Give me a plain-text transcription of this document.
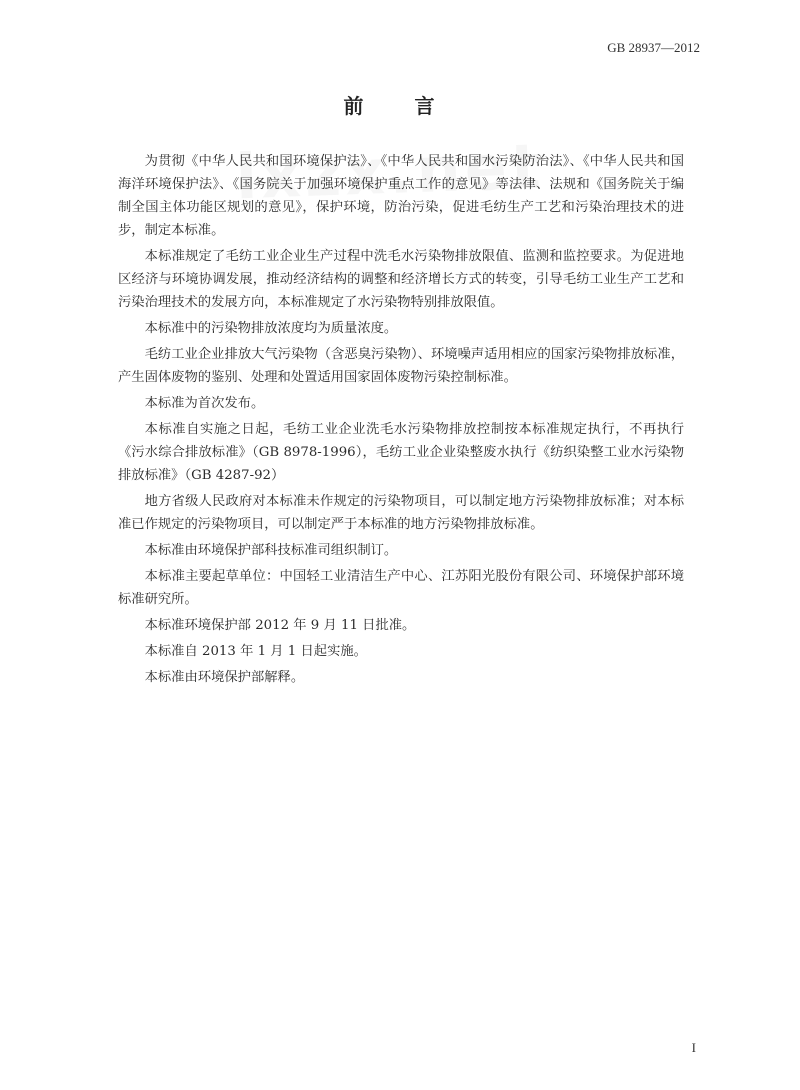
GB 28937—2012
前 言

为贯彻《中华人民共和国环境保护法》、《中华人民共和国水污染防治法》、《中华人民共和国海洋环境保护法》、《国务院关于加强环境保护重点工作的意见》等法律、法规和《国务院关于编制全国主体功能区规划的意见》，保护环境，防治污染，促进毛纺生产工艺和污染治理技术的进步，制定本标准。

本标准规定了毛纺工业企业生产过程中洗毛水污染物排放限值、监测和监控要求。为促进地区经济与环境协调发展，推动经济结构的调整和经济增长方式的转变，引导毛纺工业生产工艺和污染治理技术的发展方向，本标准规定了水污染物特别排放限值。

本标准中的污染物排放浓度均为质量浓度。

毛纺工业企业排放大气污染物（含恶臭污染物）、环境噪声适用相应的国家污染物排放标准，产生固体废物的鉴别、处理和处置适用国家固体废物污染控制标准。

本标准为首次发布。

本标准自实施之日起，毛纺工业企业洗毛水污染物排放控制按本标准规定执行，不再执行《污水综合排放标准》（GB 8978-1996），毛纺工业企业染整废水执行《纺织染整工业水污染物排放标准》（GB 4287-92）

地方省级人民政府对本标准未作规定的污染物项目，可以制定地方污染物排放标准；对本标准已作规定的污染物项目，可以制定严于本标准的地方污染物排放标准。

本标准由环境保护部科技标准司组织制订。

本标准主要起草单位：中国轻工业清洁生产中心、江苏阳光股份有限公司、环境保护部环境标准研究所。

本标准环境保护部 2012 年 9 月 11 日批准。

本标准自 2013 年 1 月 1 日起实施。

本标准由环境保护部解释。

I
